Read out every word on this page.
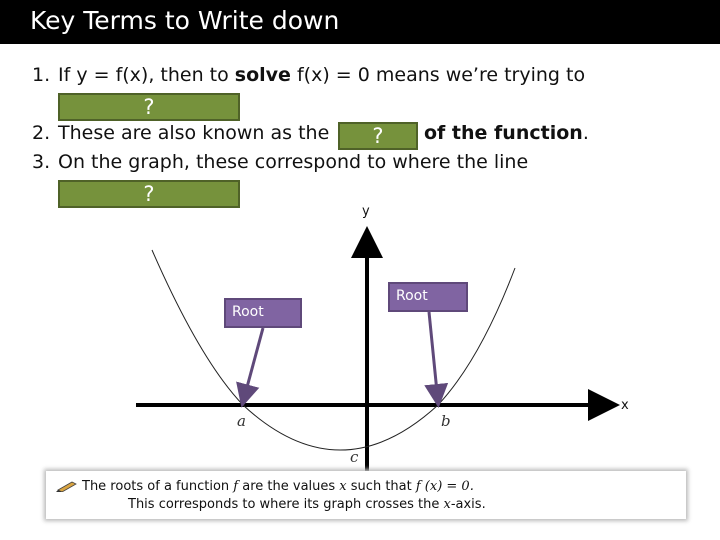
Key Terms to Write down
1. If y = f(x), then to solve f(x) = 0 means we’re trying to
?
2. These are also known as the	?	of the function.
3. On the graph, these correspond to where the line
?
y
x
a	b
c
Root
Root
The roots of a function f are the values x such that f (x) = 0.
This corresponds to where its graph crosses the x-axis.
